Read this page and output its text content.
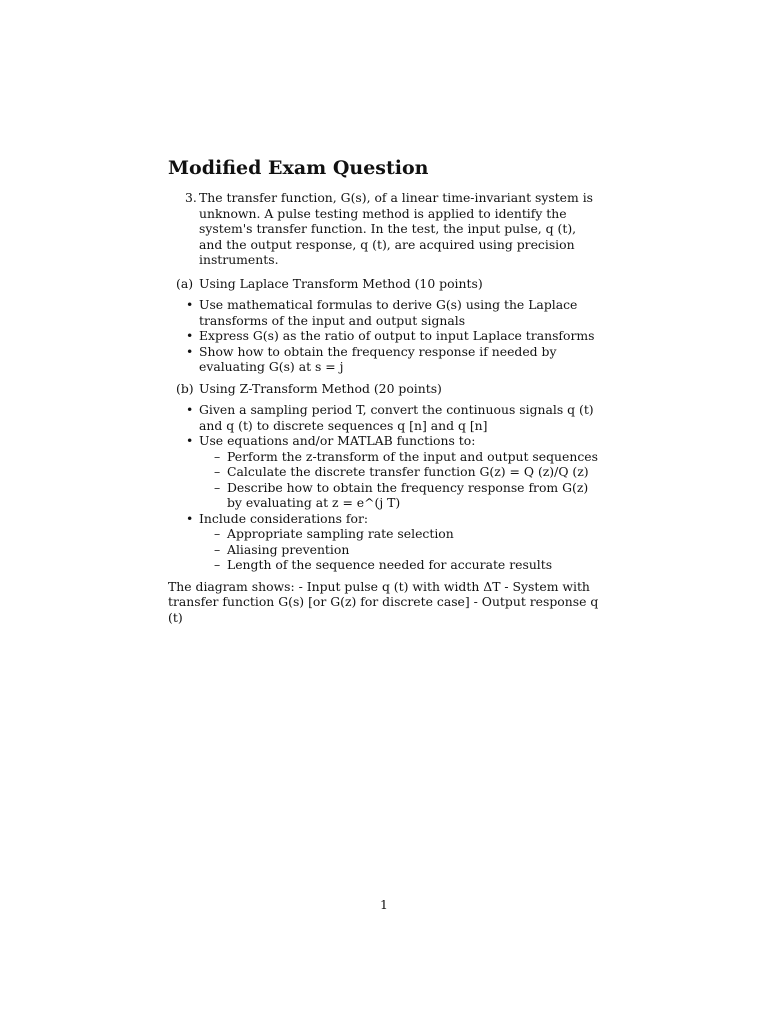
Modified Exam Question
3. The transfer function, G(s), of a linear time-invariant system is unknown. A pulse testing method is applied to identify the system's transfer function. In the test, the input pulse, q (t), and the output response, q (t), are acquired using precision instruments.
(a) Using Laplace Transform Method (10 points)
• Use mathematical formulas to derive G(s) using the Laplace transforms of the input and output signals
• Express G(s) as the ratio of output to input Laplace transforms
• Show how to obtain the frequency response if needed by evaluating G(s) at s = j
(b) Using Z-Transform Method (20 points)
• Given a sampling period T, convert the continuous signals q (t) and q (t) to discrete sequences q [n] and q [n]
• Use equations and/or MATLAB functions to:
– Perform the z-transform of the input and output sequences
– Calculate the discrete transfer function G(z) = Q (z)/Q (z)
– Describe how to obtain the frequency response from G(z) by evaluating at z = e^(j T)
• Include considerations for:
– Appropriate sampling rate selection
– Aliasing prevention
– Length of the sequence needed for accurate results
The diagram shows: - Input pulse q (t) with width ΔT - System with transfer function G(s) [or G(z) for discrete case] - Output response q (t)
1
